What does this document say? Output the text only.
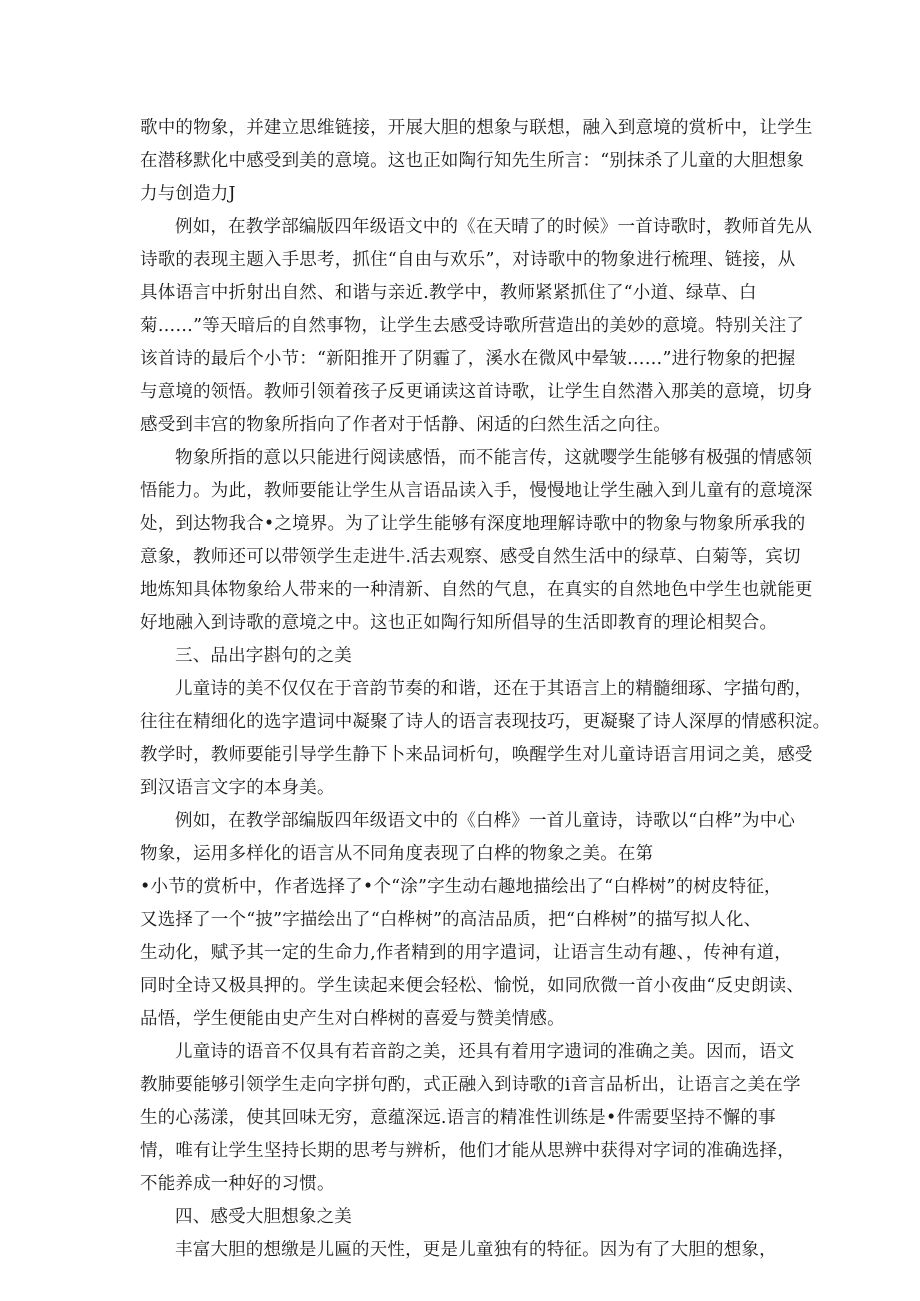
歌中的物象，并建立思维链接，开展大胆的想象与联想，融入到意境的赏析中，让学生
在潜移默化中感受到美的意境。这也正如陶行知先生所言：“别抹杀了儿童的大胆想象
力与创造力J
例如，在教学部编版四年级语文中的《在天晴了的时候》一首诗歌时，教师首先从
诗歌的表现主题入手思考，抓住“自由与欢乐”，对诗歌中的物象进行梳理、链接，从
具体语言中折射出自然、和谐与亲近.教学中，教师紧紧抓住了“小道、绿草、白
菊……”等天暗后的自然事物，让学生去感受诗歌所营造出的美妙的意境。特别关注了
该首诗的最后个小节：“新阳推开了阴霾了，溪水在微风中晕皱……”进行物象的把握
与意境的领悟。教师引领着孩子反更诵读这首诗歌，让学生自然潜入那美的意境，切身
感受到丰宫的物象所指向了作者对于恬静、闲适的臼然生活之向往。
物象所指的意以只能进行阅读感悟，而不能言传，这就嘤学生能够有极强的情感领
悟能力。为此，教师要能让学生从言语品读入手，慢慢地让学生融入到儿童有的意境深
处，到达物我合•之境界。为了让学生能够有深度地理解诗歌中的物象与物象所承我的
意象，教师还可以带领学生走进牛.活去观察、感受自然生活中的绿草、白菊等，宾切
地炼知具体物象给人带来的一种清新、自然的气息，在真实的自然地色中学生也就能更
好地融入到诗歌的意境之中。这也正如陶行知所倡导的生活即教育的理论相契合。
三、品出字斟句的之美
儿童诗的美不仅仅在于音韵节奏的和谐，还在于其语言上的精髓细琢、字描句酌，
往往在精细化的选字遣词中凝聚了诗人的语言表现技巧，更凝聚了诗人深厚的情感积淀。
教学时，教师要能引导学生静下卜来品词析句，唤醒学生对儿童诗语言用词之美，感受
到汉语言文字的本身美。
例如，在教学部编版四年级语文中的《白桦》一首儿童诗，诗歌以“白桦”为中心
物象，运用多样化的语言从不同角度表现了白桦的物象之美。在第
•小节的赏析中，作者选择了•个“涂”字生动右趣地描绘出了“白桦树”的树皮特征，
又选择了一个“披”字描绘出了“白桦树”的高洁品质，把“白桦树”的描写拟人化、
生动化，赋予其一定的生命力,作者精到的用字遣词，让语言生动有趣、，传神有道，
同时全诗又极具押的。学生读起来便会轻松、愉悦，如同欣微一首小夜曲“反史朗读、
品悟，学生便能由史产生对白桦树的喜爱与赞美情感。
儿童诗的语音不仅具有若音韵之美，还具有着用字遗词的准确之美。因而，语文
教肺要能够引领学生走向字拼句酌，式正融入到诗歌的i音言品析出，让语言之美在学
生的心荡漾，使其回味无穷，意蕴深远.语言的精准性训练是•件需要坚持不懈的事
情，唯有让学生坚持长期的思考与辨析，他们才能从思辨中获得对字词的准确选择，
不能养成一种好的习惯。
四、感受大胆想象之美
丰富大胆的想缴是儿匾的天性，更是儿童独有的特征。因为有了大胆的想象，
